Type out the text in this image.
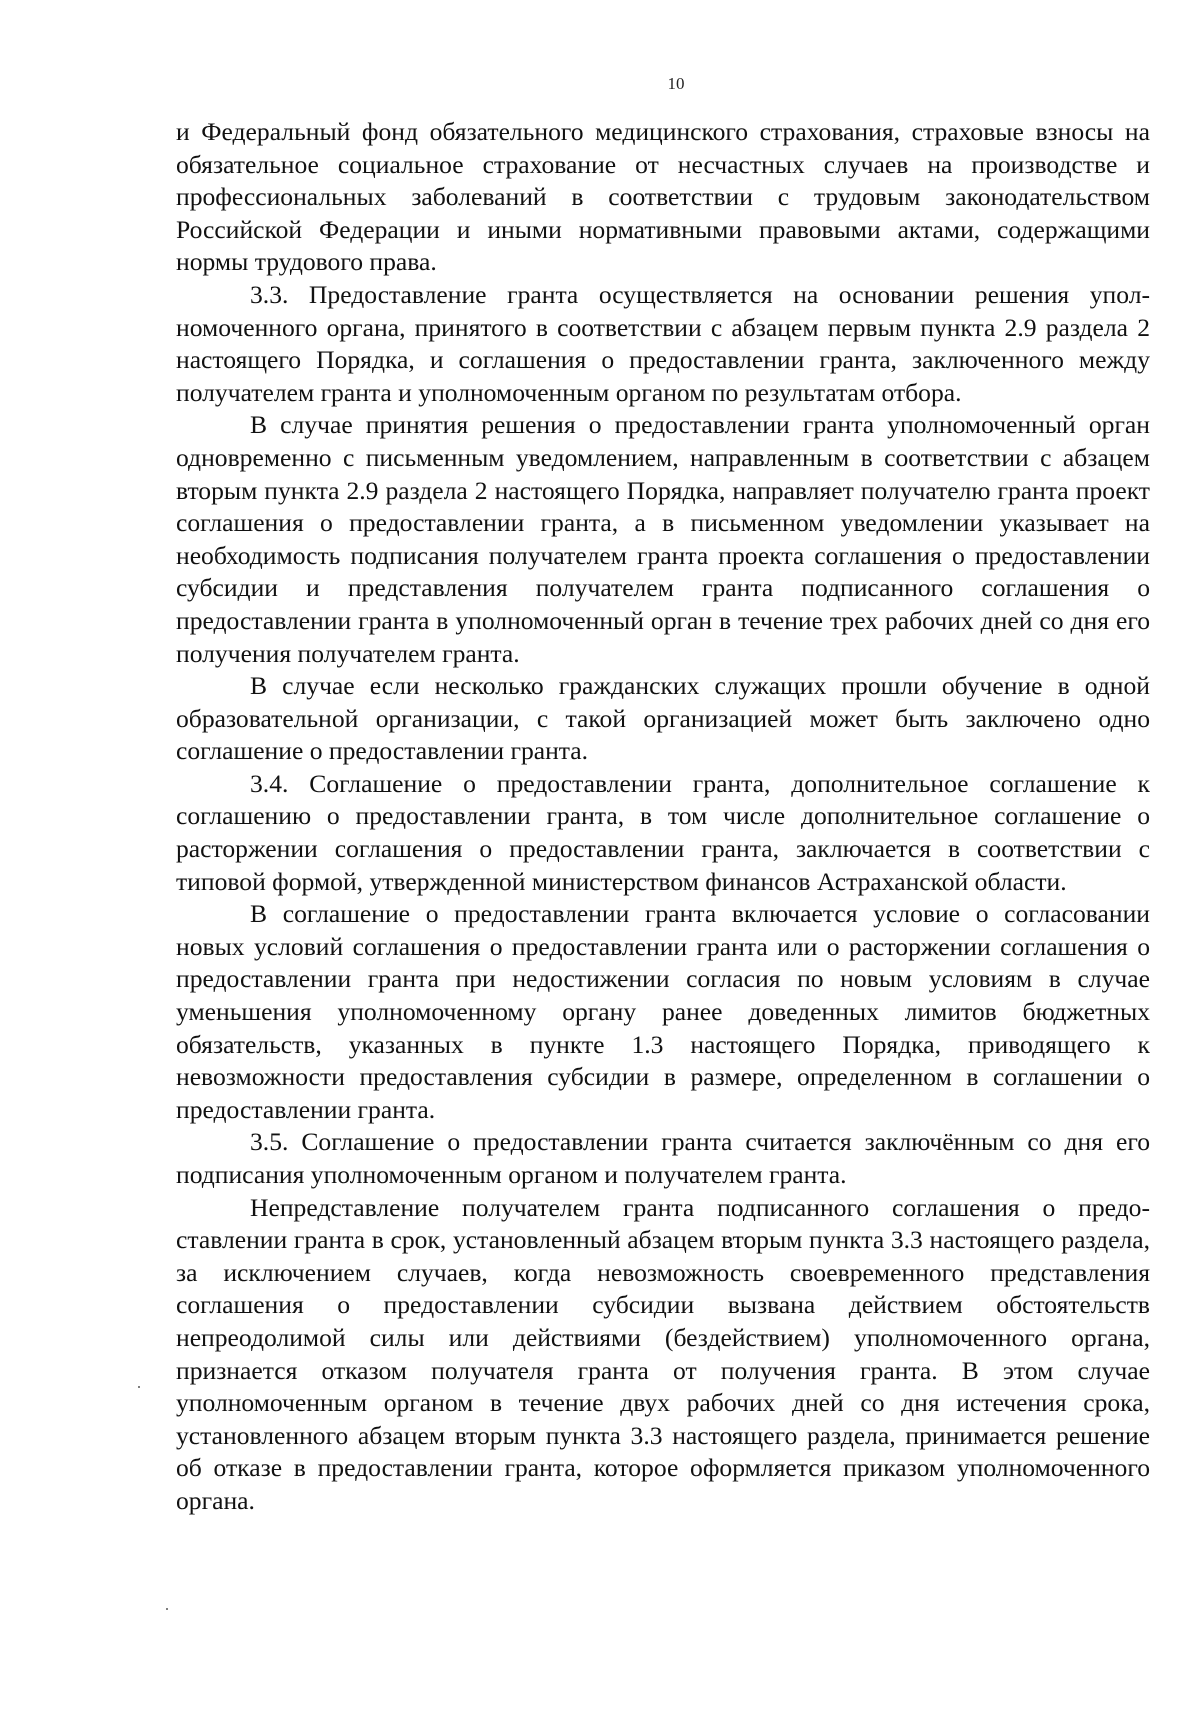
10

и Федеральный фонд обязательного медицинского страхования, страховые взносы на обязательное социальное страхование от несчастных случаев на производстве и профессиональных заболеваний в соответствии с трудовым законодательством Российской Федерации и иными нормативными правовыми актами, содержащими нормы трудового права.

3.3. Предоставление гранта осуществляется на основании решения уполномоченного органа, принятого в соответствии с абзацем первым пункта 2.9 раздела 2 настоящего Порядка, и соглашения о предоставлении гранта, заключенного между получателем гранта и уполномоченным органом по результатам отбора.

В случае принятия решения о предоставлении гранта уполномоченный орган одновременно с письменным уведомлением, направленным в соответствии с абзацем вторым пункта 2.9 раздела 2 настоящего Порядка, направляет получателю гранта проект соглашения о предоставлении гранта, а в письменном уведомлении указывает на необходимость подписания получателем гранта проекта соглашения о предоставлении субсидии и представления получателем гранта подписанного соглашения о предоставлении гранта в уполномоченный орган в течение трех рабочих дней со дня его получения получателем гранта.

В случае если несколько гражданских служащих прошли обучение в одной образовательной организации, с такой организацией может быть заключено одно соглашение о предоставлении гранта.

3.4. Соглашение о предоставлении гранта, дополнительное соглашение к соглашению о предоставлении гранта, в том числе дополнительное соглашение о расторжении соглашения о предоставлении гранта, заключается в соответствии с типовой формой, утвержденной министерством финансов Астраханской области.

В соглашение о предоставлении гранта включается условие о согласовании новых условий соглашения о предоставлении гранта или о расторжении соглашения о предоставлении гранта при недостижении согласия по новым условиям в случае уменьшения уполномоченному органу ранее доведенных лимитов бюджетных обязательств, указанных в пункте 1.3 настоящего Порядка, приводящего к невозможности предоставления субсидии в размере, определенном в соглашении о предоставлении гранта.

3.5. Соглашение о предоставлении гранта считается заключённым со дня его подписания уполномоченным органом и получателем гранта.

Непредставление получателем гранта подписанного соглашения о предоставлении гранта в срок, установленный абзацем вторым пункта 3.3 настоящего раздела, за исключением случаев, когда невозможность своевременного представления соглашения о предоставлении субсидии вызвана действием обстоятельств непреодолимой силы или действиями (бездействием) уполномоченного органа, признается отказом получателя гранта от получения гранта. В этом случае уполномоченным органом в течение двух рабочих дней со дня истечения срока, установленного абзацем вторым пункта 3.3 настоящего раздела, принимается решение об отказе в предоставлении гранта, которое оформляется приказом уполномоченного органа.
